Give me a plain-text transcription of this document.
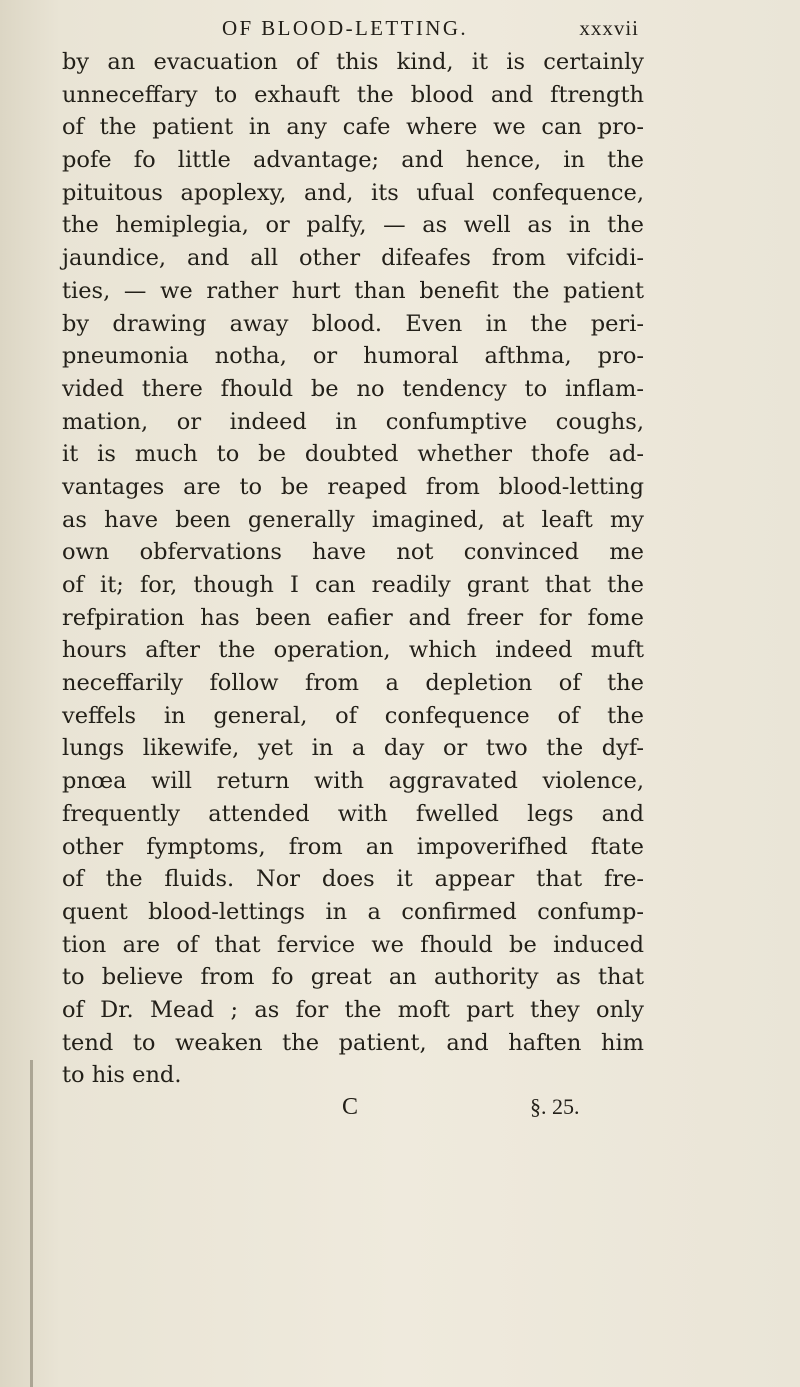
OF BLOOD-LETTING.	xxxvii
by an evacuation of this kind, it is certainly
unneceffary to exhauft the blood and ftrength
of the patient in any cafe where we can pro-
pofe fo little advantage; and hence, in the
pituitous apoplexy, and, its ufual confequence,
the hemiplegia, or palfy, — as well as in the
jaundice, and all other difeafes from vifcidi-
ties, — we rather hurt than benefit the patient
by drawing away blood. Even in the peri-
pneumonia notha, or humoral afthma, pro-
vided there fhould be no tendency to inflam-
mation, or indeed in confumptive coughs,
it is much to be doubted whether thofe ad-
vantages are to be reaped from blood-letting
as have been generally imagined, at leaft my
own obfervations have not convinced me
of it; for, though I can readily grant that the
refpiration has been eafier and freer for fome
hours after the operation, which indeed muft
neceffarily follow from a depletion of the
veffels in general, of confequence of the
lungs likewife, yet in a day or two the dyf-
pnœa will return with aggravated violence,
frequently attended with fwelled legs and
other fymptoms, from an impoverifhed ftate
of the fluids. Nor does it appear that fre-
quent blood-lettings in a confirmed confump-
tion are of that fervice we fhould be induced
to believe from fo great an authority as that
of Dr. Mead ; as for the moft part they only
tend to weaken the patient, and haften him
to his end.
C	§. 25.
